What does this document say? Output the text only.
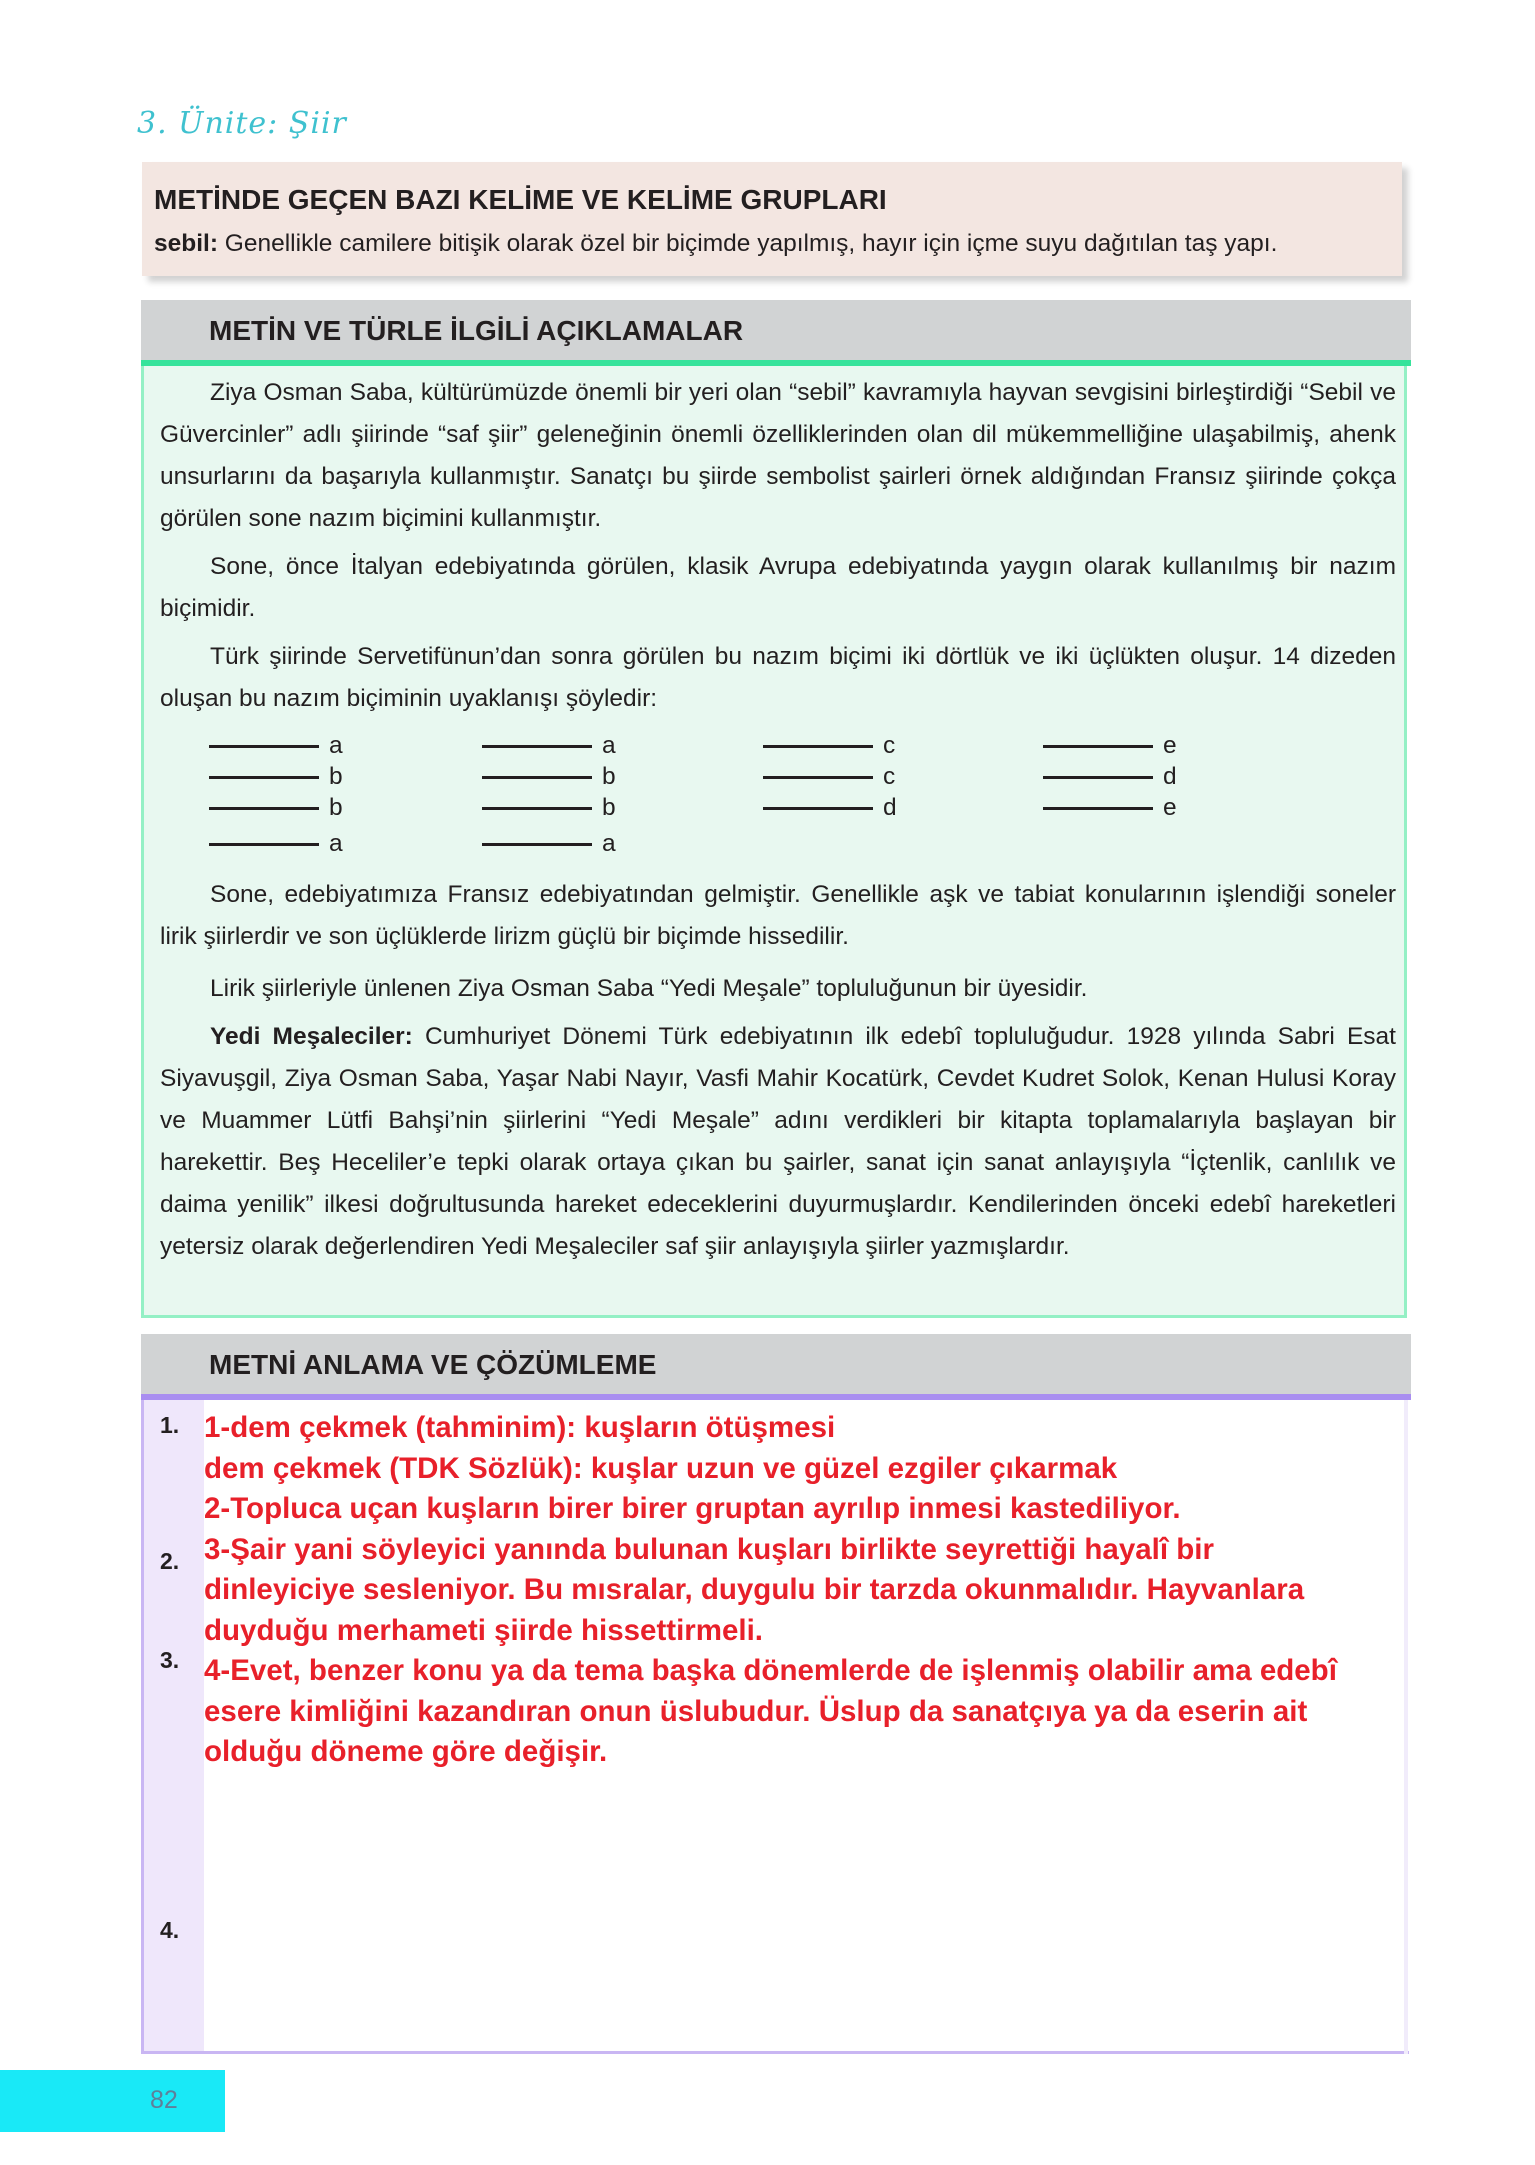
3. Ünite: Şiir
METİNDE GEÇEN BAZI KELİME VE KELİME GRUPLARI

sebil: Genellikle camilere bitişik olarak özel bir biçimde yapılmış, hayır için içme suyu dağıtılan taş yapı.

METİN VE TÜRLE İLGİLİ AÇIKLAMALAR

Ziya Osman Saba, kültürümüzde önemli bir yeri olan “sebil” kavramıyla hayvan sevgisini birleştirdiği “Sebil ve Güvercinler” adlı şiirinde “saf şiir” geleneğinin önemli özelliklerinden olan dil mükemmelliğine ulaşabilmiş, ahenk unsurlarını da başarıyla kullanmıştır. Sanatçı bu şiirde sembolist şairleri örnek aldığından Fransız şiirinde çokça görülen sone nazım biçimini kullanmıştır.

Sone, önce İtalyan edebiyatında görülen, klasik Avrupa edebiyatında yaygın olarak kullanılmış bir nazım biçimidir.

Türk şiirinde Servetifünun’dan sonra görülen bu nazım biçimi iki dörtlük ve iki üçlükten oluşur. 14 dizeden oluşan bu nazım biçiminin uyaklanışı şöyledir:

a
b
b
a
a
b
b
a
c
c
d
e
d
e

Sone, edebiyatımıza Fransız edebiyatından gelmiştir. Genellikle aşk ve tabiat konularının işlendiği soneler lirik şiirlerdir ve son üçlüklerde lirizm güçlü bir biçimde hissedilir.

Lirik şiirleriyle ünlenen Ziya Osman Saba “Yedi Meşale” topluluğunun bir üyesidir.

Yedi Meşaleciler: Cumhuriyet Dönemi Türk edebiyatının ilk edebî topluluğudur. 1928 yılında Sabri Esat Siyavuşgil, Ziya Osman Saba, Yaşar Nabi Nayır, Vasfi Mahir Kocatürk, Cevdet Kudret Solok, Kenan Hulusi Koray ve Muammer Lütfi Bahşi’nin şiirlerini “Yedi Meşale” adını verdikleri bir kitapta toplamalarıyla başlayan bir harekettir. Beş Heceliler’e tepki olarak ortaya çıkan bu şairler, sanat için sanat anlayışıyla “İçtenlik, canlılık ve daima yenilik” ilkesi doğrultusunda hareket edeceklerini duyurmuşlardır. Kendilerinden önceki edebî hareketleri yetersiz olarak değerlendiren Yedi Meşaleciler saf şiir anlayışıyla şiirler yazmışlardır.

METNİ ANLAMA VE ÇÖZÜMLEME
1.
2.
3.
4.
1-dem çekmek (tahminim): kuşların ötüşmesi
dem çekmek (TDK Sözlük): kuşlar uzun ve güzel ezgiler çıkarmak
2-Topluca uçan kuşların birer birer gruptan ayrılıp inmesi kastediliyor.
3-Şair yani söyleyici yanında bulunan kuşları birlikte seyrettiği hayalî bir
dinleyiciye sesleniyor. Bu mısralar, duygulu bir tarzda okunmalıdır. Hayvanlara
duyduğu merhameti şiirde hissettirmeli.
4-Evet, benzer konu ya da tema başka dönemlerde de işlenmiş olabilir ama edebî
esere kimliğini kazandıran onun üslubudur. Üslup da sanatçıya ya da eserin ait
olduğu döneme göre değişir.
82
